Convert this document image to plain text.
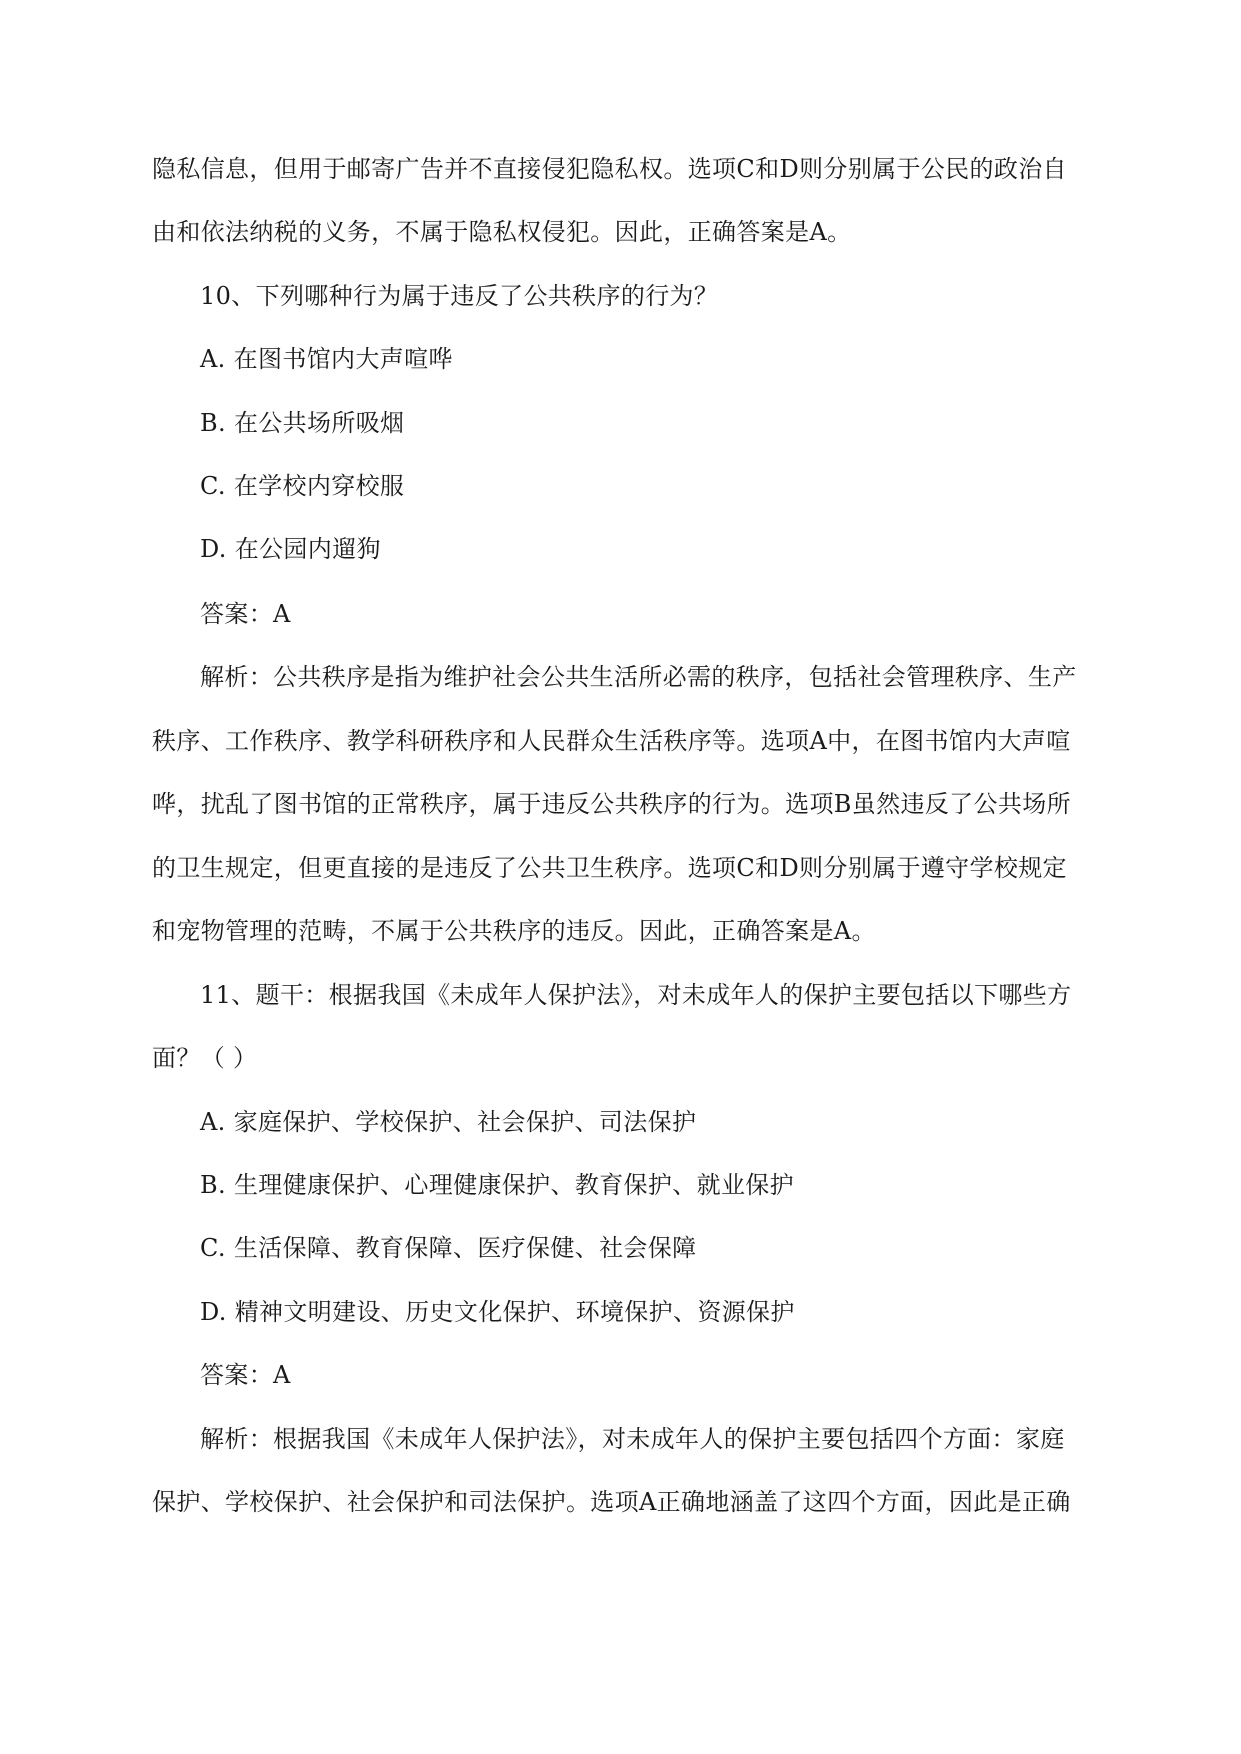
隐私信息，但用于邮寄广告并不直接侵犯隐私权。选项C和D则分别属于公民的政治自
由和依法纳税的义务，不属于隐私权侵犯。因此，正确答案是A。
10、下列哪种行为属于违反了公共秩序的行为？
A. 在图书馆内大声喧哗
B. 在公共场所吸烟
C. 在学校内穿校服
D. 在公园内遛狗
答案：A
解析：公共秩序是指为维护社会公共生活所必需的秩序，包括社会管理秩序、生产
秩序、工作秩序、教学科研秩序和人民群众生活秩序等。选项A中，在图书馆内大声喧
哗，扰乱了图书馆的正常秩序，属于违反公共秩序的行为。选项B虽然违反了公共场所
的卫生规定，但更直接的是违反了公共卫生秩序。选项C和D则分别属于遵守学校规定
和宠物管理的范畴，不属于公共秩序的违反。因此，正确答案是A。
11、题干：根据我国《未成年人保护法》，对未成年人的保护主要包括以下哪些方
面？（ ）
A. 家庭保护、学校保护、社会保护、司法保护
B. 生理健康保护、心理健康保护、教育保护、就业保护
C. 生活保障、教育保障、医疗保健、社会保障
D. 精神文明建设、历史文化保护、环境保护、资源保护
答案：A
解析：根据我国《未成年人保护法》，对未成年人的保护主要包括四个方面：家庭
保护、学校保护、社会保护和司法保护。选项A正确地涵盖了这四个方面，因此是正确
